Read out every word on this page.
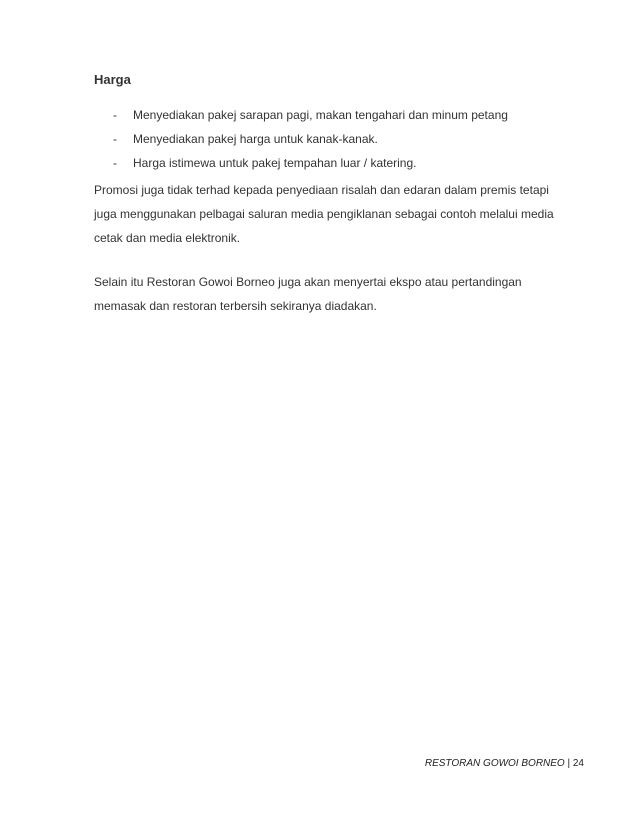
Harga

-	Menyediakan pakej sarapan pagi, makan tengahari dan minum petang
-	Menyediakan pakej harga untuk kanak-kanak.
-	Harga istimewa untuk pakej tempahan luar / katering.

Promosi juga tidak terhad kepada penyediaan risalah dan edaran dalam premis tetapi
juga menggunakan pelbagai saluran media pengiklanan sebagai contoh melalui media
cetak dan media elektronik.

Selain itu Restoran Gowoi Borneo juga akan menyertai ekspo atau pertandingan
memasak dan restoran terbersih sekiranya diadakan.

RESTORAN GOWOI BORNEO | 24
